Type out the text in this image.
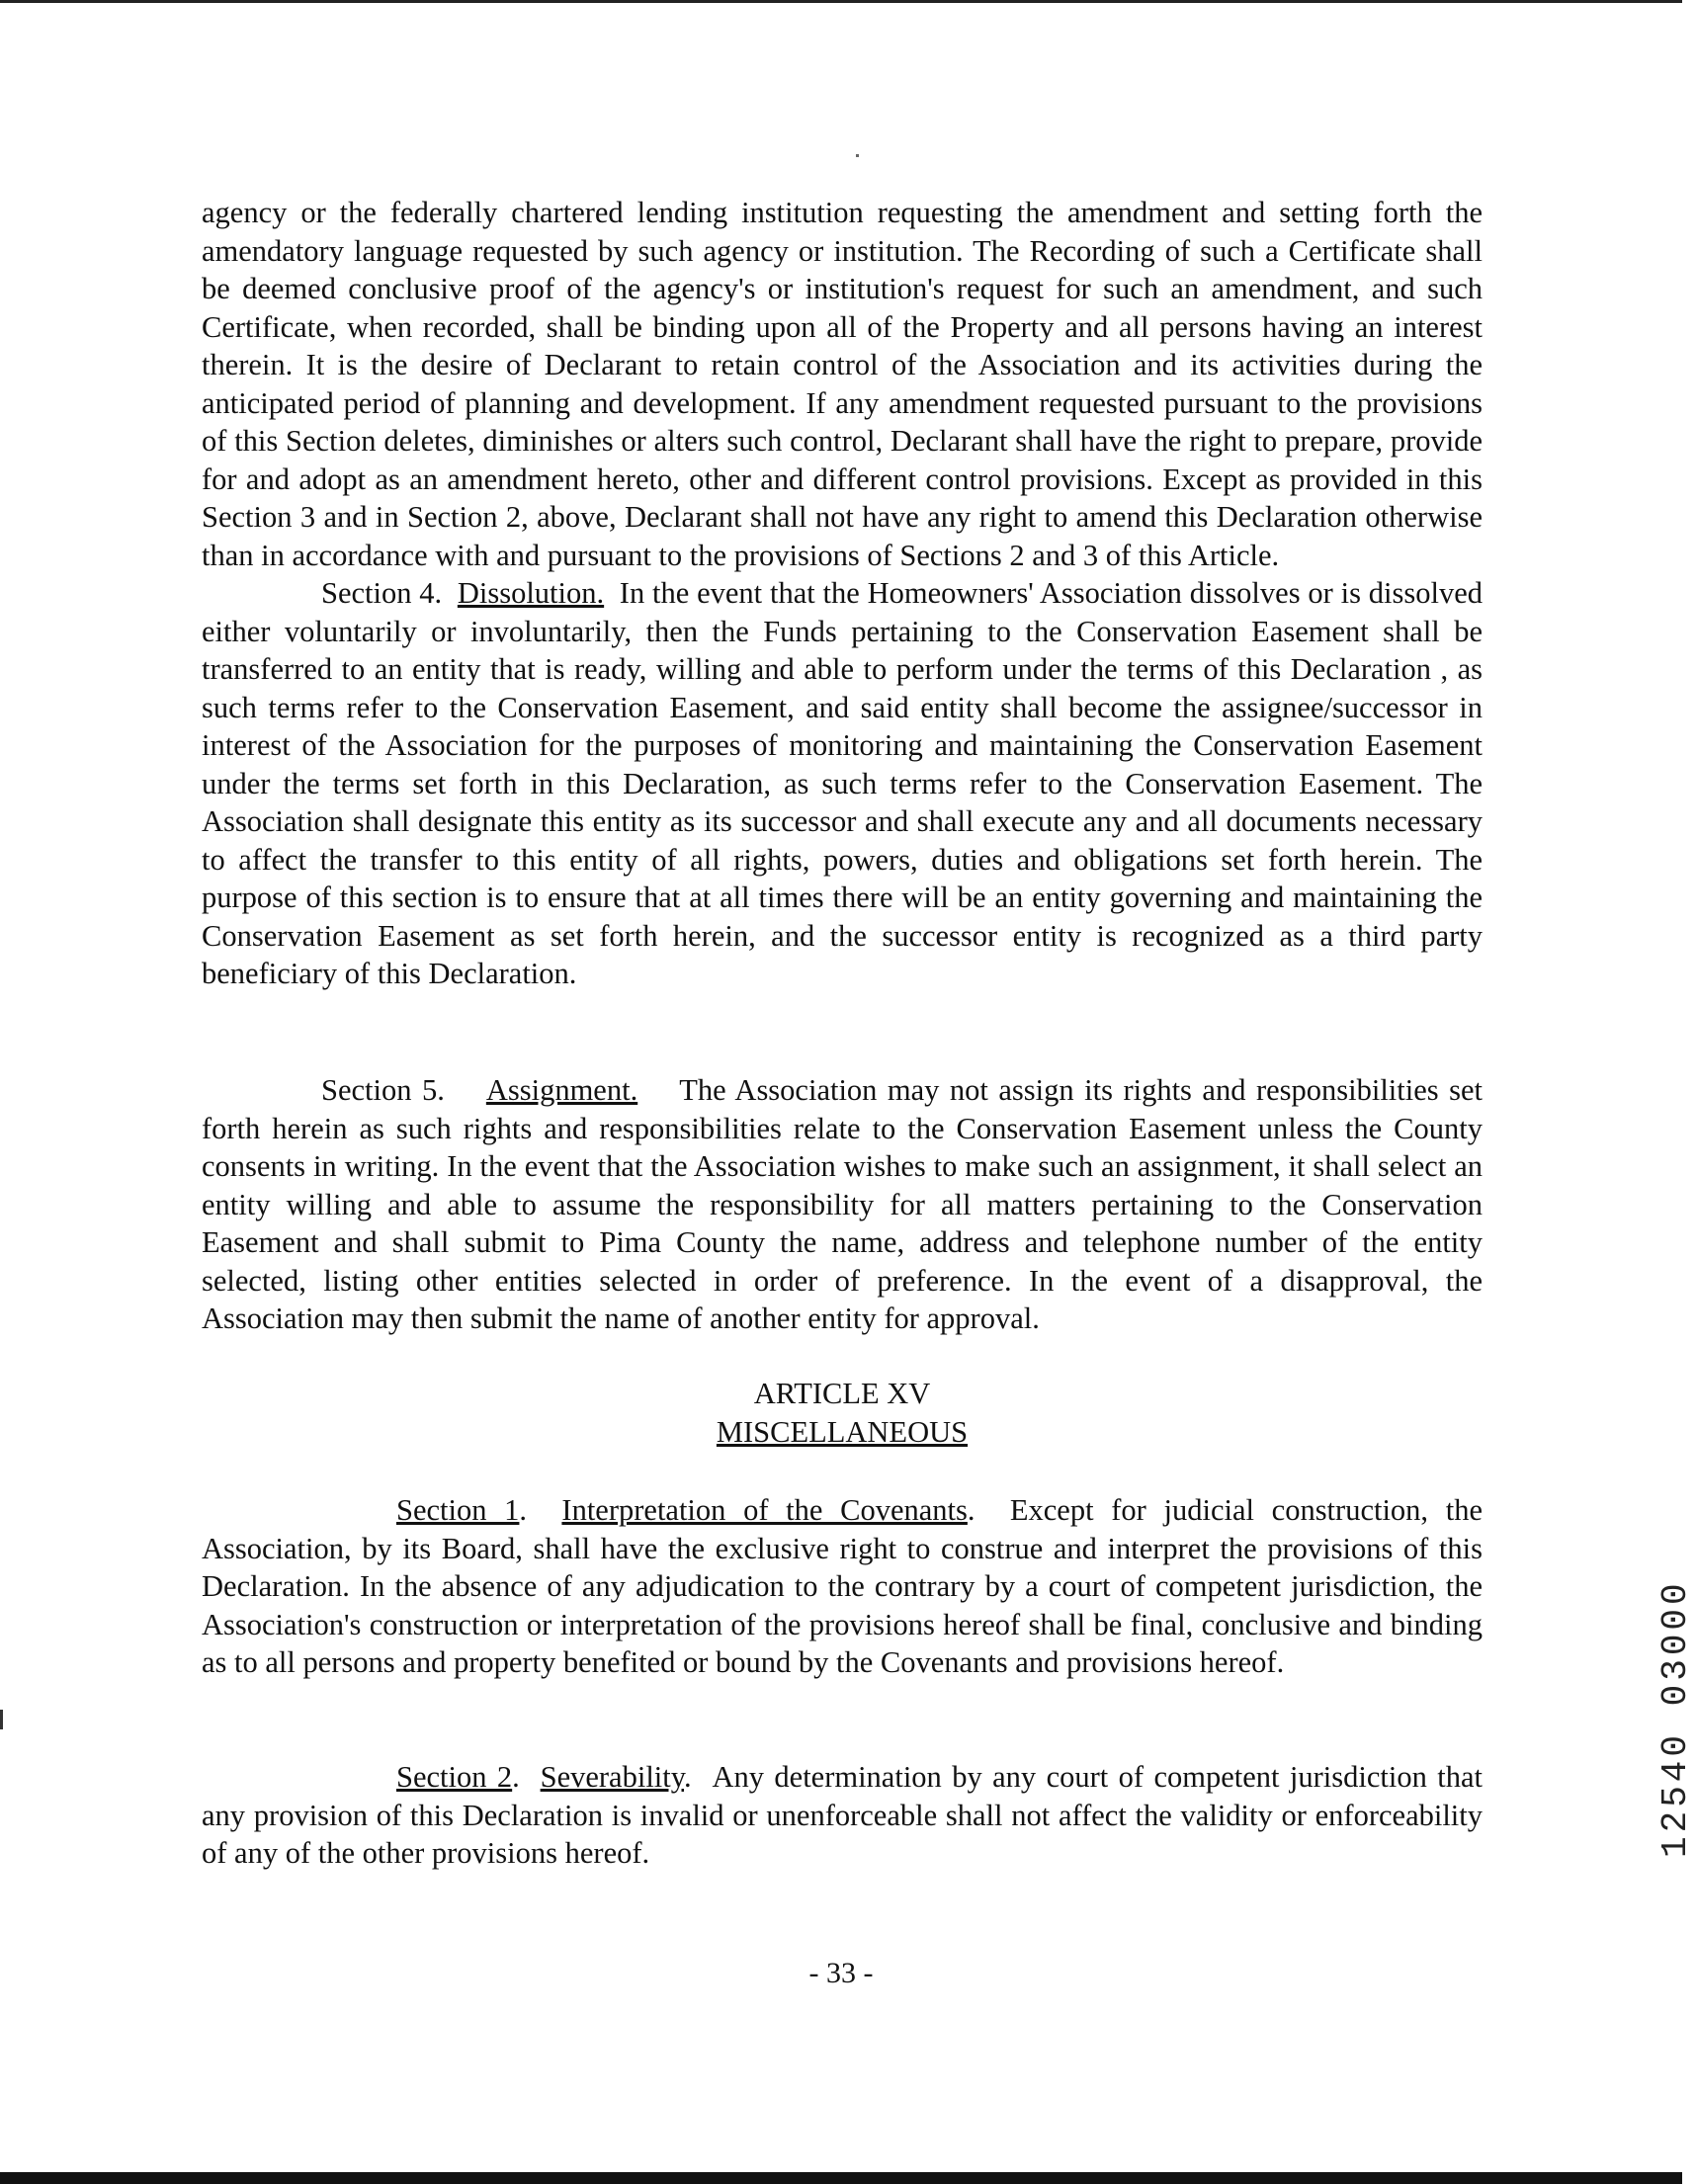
agency or the federally chartered lending institution requesting the amendment and setting forth the amendatory language requested by such agency or institution. The Recording of such a Certificate shall be deemed conclusive proof of the agency's or institution's request for such an amendment, and such Certificate, when recorded, shall be binding upon all of the Property and all persons having an interest therein. It is the desire of Declarant to retain control of the Association and its activities during the anticipated period of planning and development. If any amendment requested pursuant to the provisions of this Section deletes, diminishes or alters such control, Declarant shall have the right to prepare, provide for and adopt as an amendment hereto, other and different control provisions. Except as provided in this Section 3 and in Section 2, above, Declarant shall not have any right to amend this Declaration otherwise than in accordance with and pursuant to the provisions of Sections 2 and 3 of this Article.

Section 4. Dissolution. In the event that the Homeowners' Association dissolves or is dissolved either voluntarily or involuntarily, then the Funds pertaining to the Conservation Easement shall be transferred to an entity that is ready, willing and able to perform under the terms of this Declaration , as such terms refer to the Conservation Easement, and said entity shall become the assignee/successor in interest of the Association for the purposes of monitoring and maintaining the Conservation Easement under the terms set forth in this Declaration, as such terms refer to the Conservation Easement. The Association shall designate this entity as its successor and shall execute any and all documents necessary to affect the transfer to this entity of all rights, powers, duties and obligations set forth herein. The purpose of this section is to ensure that at all times there will be an entity governing and maintaining the Conservation Easement as set forth herein, and the successor entity is recognized as a third party beneficiary of this Declaration.

Section 5. Assignment. The Association may not assign its rights and responsibilities set forth herein as such rights and responsibilities relate to the Conservation Easement unless the County consents in writing. In the event that the Association wishes to make such an assignment, it shall select an entity willing and able to assume the responsibility for all matters pertaining to the Conservation Easement and shall submit to Pima County the name, address and telephone number of the entity selected, listing other entities selected in order of preference. In the event of a disapproval, the Association may then submit the name of another entity for approval.

ARTICLE XV

MISCELLANEOUS

Section 1.  Interpretation of the Covenants.  Except for judicial construction, the Association, by its Board, shall have the exclusive right to construe and interpret the provisions of this Declaration. In the absence of any adjudication to the contrary by a court of competent jurisdiction, the Association's construction or interpretation of the provisions hereof shall be final, conclusive and binding as to all persons and property benefited or bound by the Covenants and provisions hereof.

Section 2.  Severability.  Any determination by any court of competent jurisdiction that any provision of this Declaration is invalid or unenforceable shall not affect the validity or enforceability of any of the other provisions hereof.

- 33 -
12540 03000
